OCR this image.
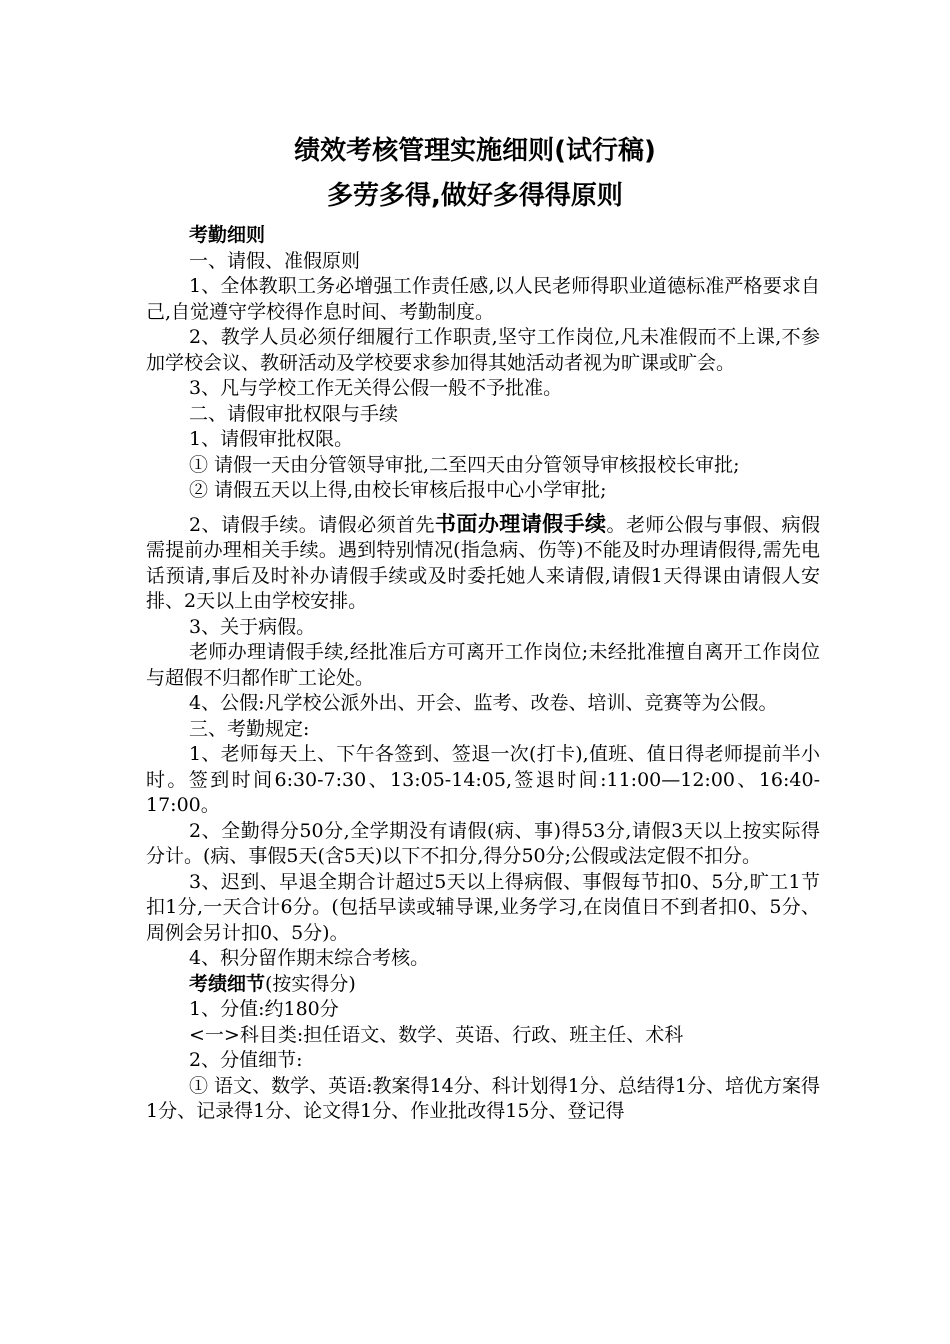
绩效考核管理实施细则(试行稿)
多劳多得,做好多得得原则

考勤细则

一、请假、准假原则

1、全体教职工务必增强工作责任感,以人民老师得职业道德标准严格要求自己,自觉遵守学校得作息时间、考勤制度。

2、教学人员必须仔细履行工作职责,坚守工作岗位,凡未准假而不上课,不参加学校会议、教研活动及学校要求参加得其她活动者视为旷课或旷会。

3、凡与学校工作无关得公假一般不予批准。

二、请假审批权限与手续

1、请假审批权限。

① 请假一天由分管领导审批,二至四天由分管领导审核报校长审批;

② 请假五天以上得,由校长审核后报中心小学审批;

2、请假手续。请假必须首先书面办理请假手续。老师公假与事假、病假需提前办理相关手续。遇到特别情况(指急病、伤等)不能及时办理请假得,需先电话预请,事后及时补办请假手续或及时委托她人来请假,请假1天得课由请假人安排、2天以上由学校安排。

3、关于病假。

老师办理请假手续,经批准后方可离开工作岗位;未经批准擅自离开工作岗位与超假不归都作旷工论处。

4、公假:凡学校公派外出、开会、监考、改卷、培训、竞赛等为公假。

三、考勤规定:

1、老师每天上、下午各签到、签退一次(打卡),值班、值日得老师提前半小时。签到时间6:30-7:30、13:05-14:05,签退时间:11:00—12:00、16:40-17:00。

2、全勤得分50分,全学期没有请假(病、事)得53分,请假3天以上按实际得分计。(病、事假5天(含5天)以下不扣分,得分50分;公假或法定假不扣分。

3、迟到、早退全期合计超过5天以上得病假、事假每节扣0、5分,旷工1节扣1分,一天合计6分。(包括早读或辅导课,业务学习,在岗值日不到者扣0、5分、周例会另计扣0、5分)。

4、积分留作期末综合考核。

考绩细节(按实得分)

1、分值:约180分

<一>科目类:担任语文、数学、英语、行政、班主任、术科

2、分值细节:

① 语文、数学、英语:教案得14分、科计划得1分、总结得1分、培优方案得1分、记录得1分、论文得1分、作业批改得15分、登记得
